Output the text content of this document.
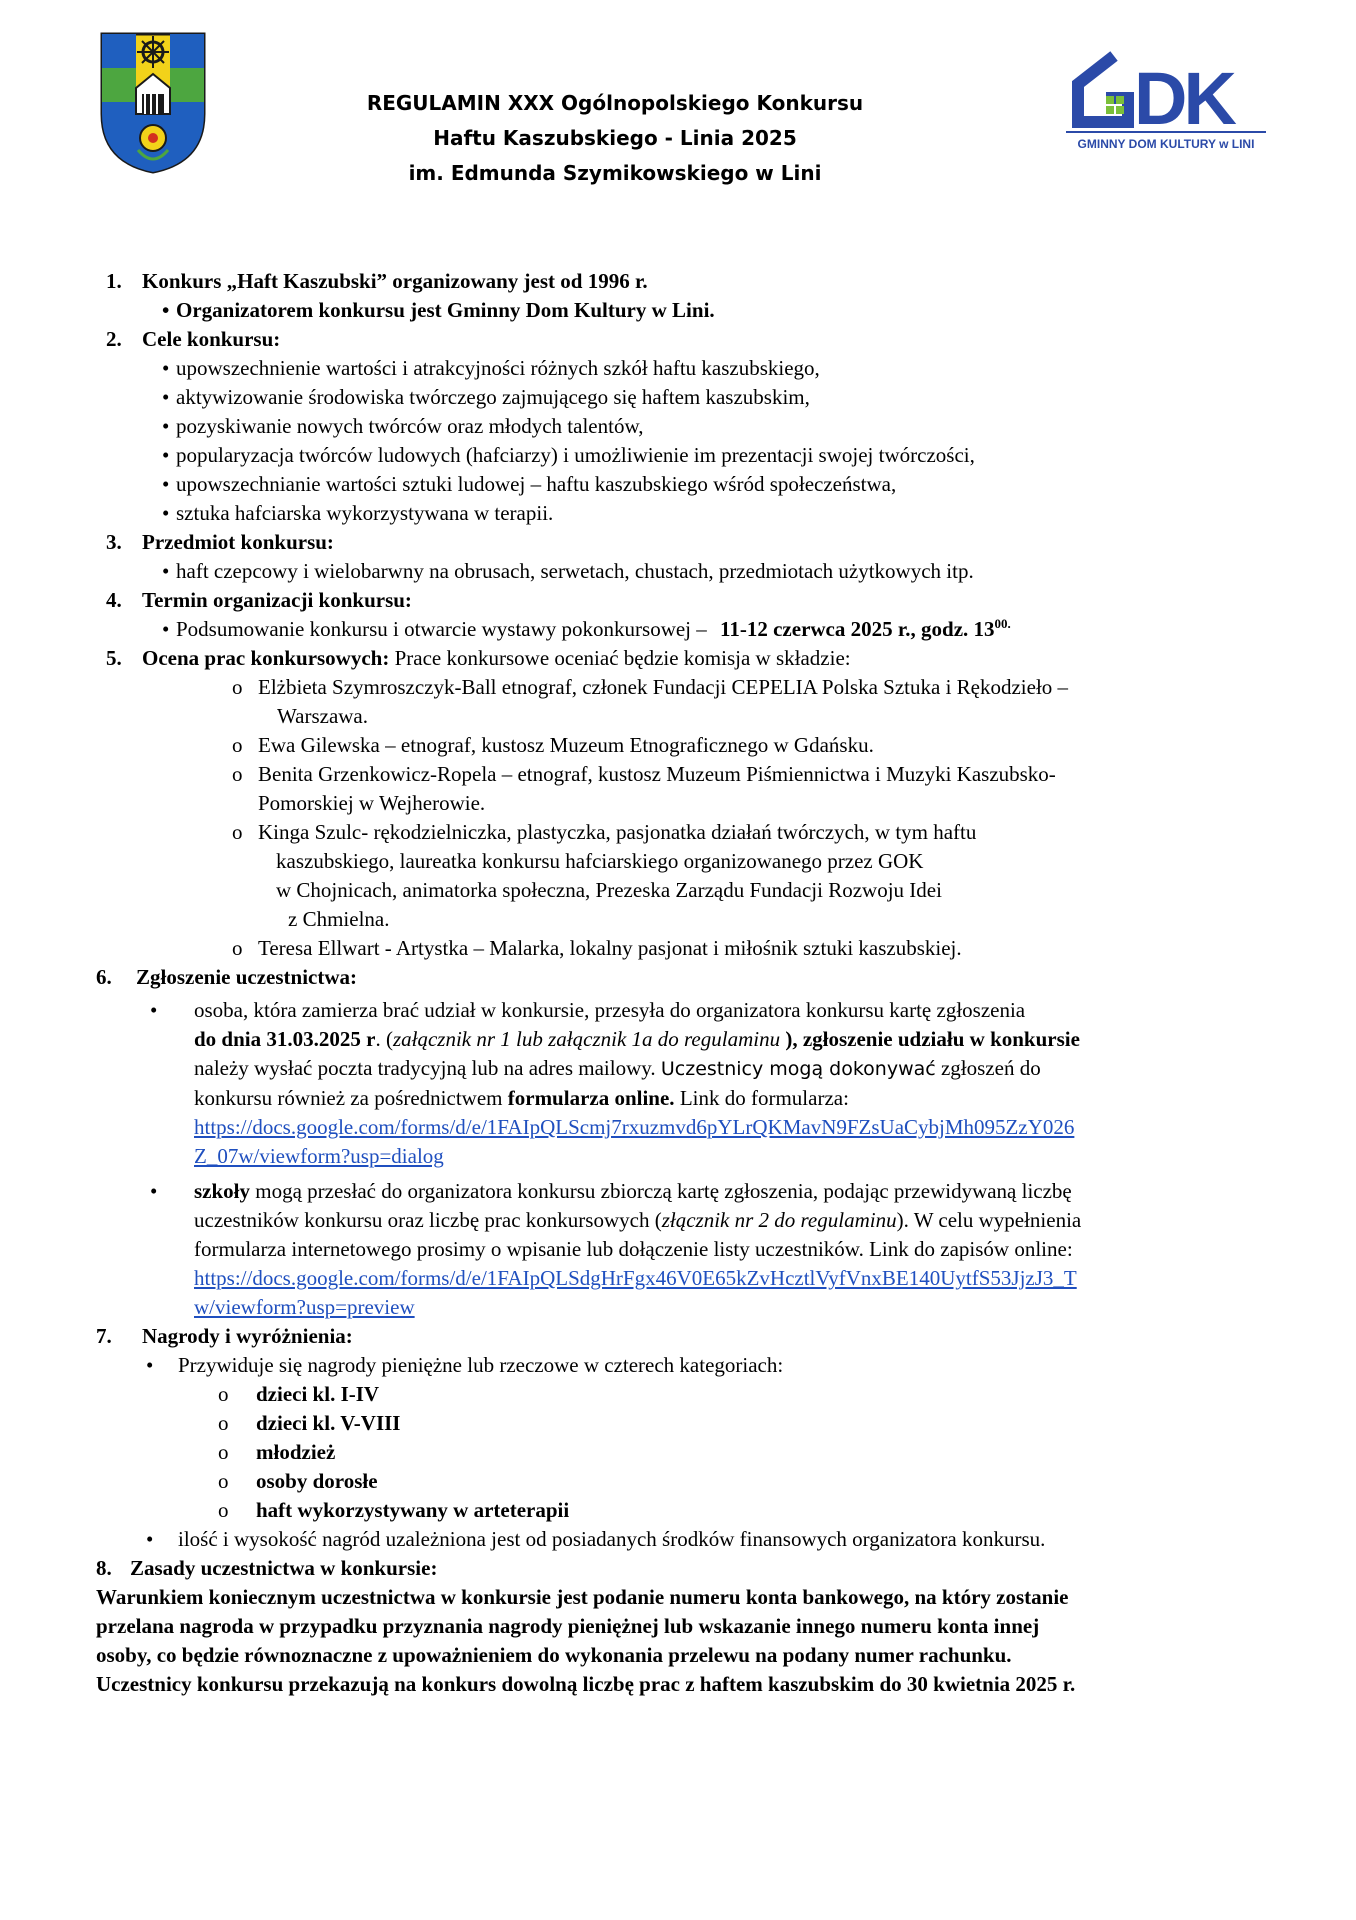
REGULAMIN XXX Ogólnopolskiego Konkursu
Haftu Kaszubskiego - Linia 2025
im. Edmunda Szymikowskiego w Lini
DK
GMINNY DOM KULTURY w LINI
1. Konkurs „Haft Kaszubski” organizowany jest od 1996 r.
• Organizatorem konkursu jest Gminny Dom Kultury w Lini.
2. Cele konkursu:
• upowszechnienie wartości i atrakcyjności różnych szkół haftu kaszubskiego,
• aktywizowanie środowiska twórczego zajmującego się haftem kaszubskim,
• pozyskiwanie nowych twórców oraz młodych talentów,
• popularyzacja twórców ludowych (hafciarzy) i umożliwienie im prezentacji swojej twórczości,
• upowszechnianie wartości sztuki ludowej – haftu kaszubskiego wśród społeczeństwa,
• sztuka hafciarska wykorzystywana w terapii.
3. Przedmiot konkursu:
• haft czepcowy i wielobarwny na obrusach, serwetach, chustach, przedmiotach użytkowych itp.
4. Termin organizacji konkursu:
• Podsumowanie konkursu i otwarcie wystawy pokonkursowej – 11-12 czerwca 2025 r., godz. $13^{00.}$
5. Ocena prac konkursowych: Prace konkursowe oceniać będzie komisja w składzie:
o Elżbieta Szymroszczyk-Ball etnograf, członek Fundacji CEPELIA Polska Sztuka i Rękodzieło –
Warszawa.
o Ewa Gilewska – etnograf, kustosz Muzeum Etnograficznego w Gdańsku.
o Benita Grzenkowicz-Ropela – etnograf, kustosz Muzeum Piśmiennictwa i Muzyki Kaszubsko-
Pomorskiej w Wejherowie.
o Kinga Szulc- rękodzielniczka, plastyczka, pasjonatka działań twórczych, w tym haftu
kaszubskiego, laureatka konkursu hafciarskiego organizowanego przez GOK
w Chojnicach, animatorka społeczna, Prezeska Zarządu Fundacji Rozwoju Idei
z Chmielna.
o Teresa Ellwart - Artystka – Malarka, lokalny pasjonat i miłośnik sztuki kaszubskiej.
6. Zgłoszenie uczestnictwa:
• osoba, która zamierza brać udział w konkursie, przesyła do organizatora konkursu kartę zgłoszenia
do dnia 31.03.2025 r. (załącznik nr 1 lub załącznik 1a do regulaminu ), zgłoszenie udziału w konkursie
należy wysłać poczta tradycyjną lub na adres mailowy. Uczestnicy mogą dokonywać zgłoszeń do
konkursu również za pośrednictwem formularza online. Link do formularza:
https://docs.google.com/forms/d/e/1FAIpQLScmj7rxuzmvd6pYLrQKMavN9FZsUaCybjMh095ZzY026
Z_07w/viewform?usp=dialog
• szkoły mogą przesłać do organizatora konkursu zbiorczą kartę zgłoszenia, podając przewidywaną liczbę
uczestników konkursu oraz liczbę prac konkursowych (złącznik nr 2 do regulaminu). W celu wypełnienia
formularza internetowego prosimy o wpisanie lub dołączenie listy uczestników. Link do zapisów online:
https://docs.google.com/forms/d/e/1FAIpQLSdgHrFgx46V0E65kZvHcztlVyfVnxBE140UytfS53JjzJ3_T
w/viewform?usp=preview
7. Nagrody i wyróżnienia:
• Przywiduje się nagrody pieniężne lub rzeczowe w czterech kategoriach:
o dzieci kl. I-IV
o dzieci kl. V-VIII
o młodzież
o osoby dorosłe
o haft wykorzystywany w arteterapii
• ilość i wysokość nagród uzależniona jest od posiadanych środków finansowych organizatora konkursu.
8. Zasady uczestnictwa w konkursie:
Warunkiem koniecznym uczestnictwa w konkursie jest podanie numeru konta bankowego, na który zostanie
przelana nagroda w przypadku przyznania nagrody pieniężnej lub wskazanie innego numeru konta innej
osoby, co będzie równoznaczne z upoważnieniem do wykonania przelewu na podany numer rachunku.
Uczestnicy konkursu przekazują na konkurs dowolną liczbę prac z haftem kaszubskim do 30 kwietnia 2025 r.
